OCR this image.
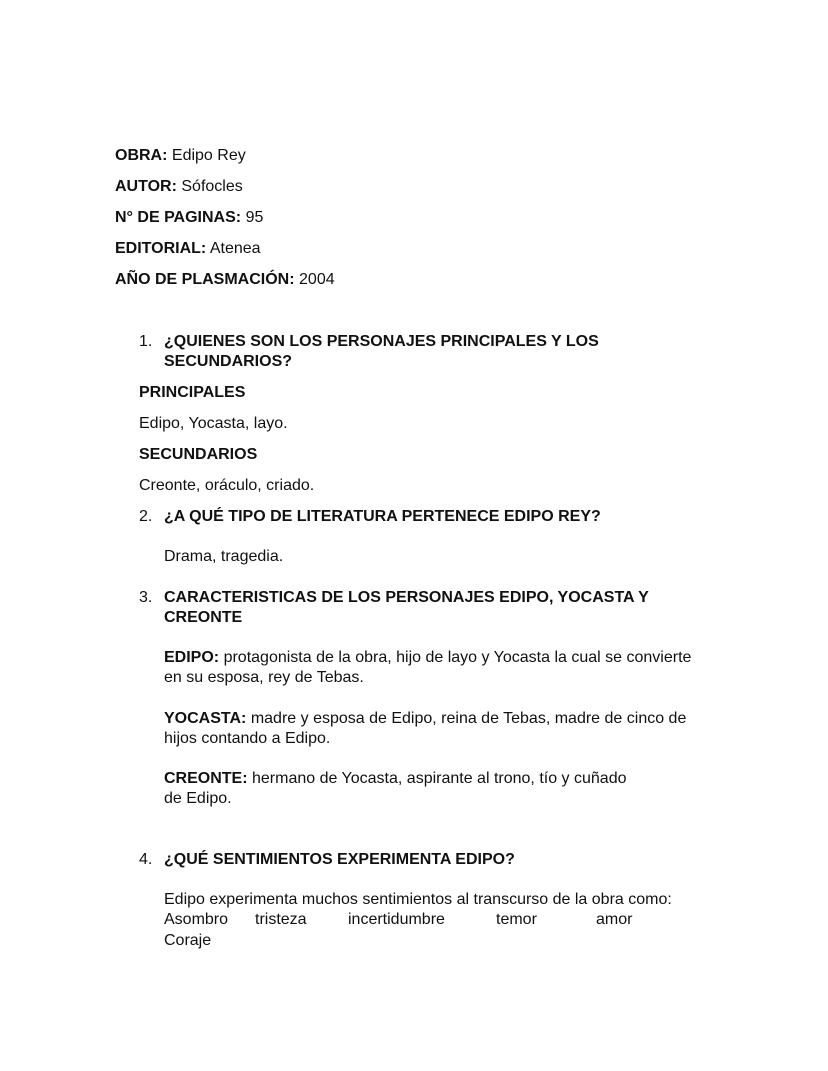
OBRA: Edipo Rey
AUTOR: Sófocles
N° DE PAGINAS: 95
EDITORIAL: Atenea
AÑO DE PLASMACIÓN: 2004
1. ¿QUIENES SON LOS PERSONAJES PRINCIPALES Y LOS
SECUNDARIOS?
PRINCIPALES
Edipo, Yocasta, layo.
SECUNDARIOS
Creonte, oráculo, criado.
2. ¿A QUÉ TIPO DE LITERATURA PERTENECE EDIPO REY?
Drama, tragedia.
3. CARACTERISTICAS DE LOS PERSONAJES EDIPO, YOCASTA Y
CREONTE
EDIPO: protagonista de la obra, hijo de layo y Yocasta la cual se convierte
en su esposa, rey de Tebas.
YOCASTA: madre y esposa de Edipo, reina de Tebas, madre de cinco de
hijos contando a Edipo.
CREONTE: hermano de Yocasta, aspirante al trono, tío y cuñado
de Edipo.
4. ¿QUÉ SENTIMIENTOS EXPERIMENTA EDIPO?
Edipo experimenta muchos sentimientos al transcurso de la obra como:
Asombro tristeza	incertidumbre	temor	amor
Coraje
